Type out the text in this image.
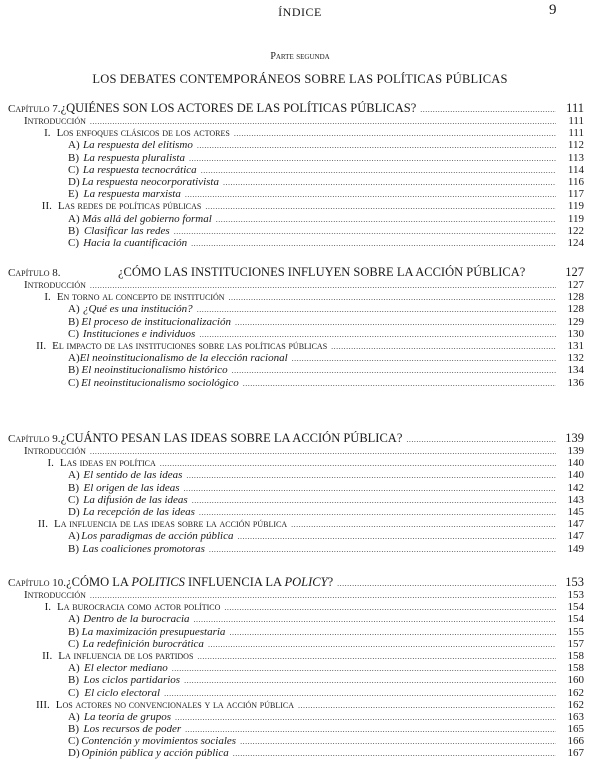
ÍNDICE	9
Parte segunda
LOS DEBATES CONTEMPORÁNEOS SOBRE LAS POLÍTICAS PÚBLICAS
Capítulo 7. ¿QUIÉNES SON LOS ACTORES DE LAS POLÍTICAS PÚBLICAS? .....	111
Introducción .....	111
I. Los enfoques clásicos de los actores .....	111
A) La respuesta del elitismo .....	112
B) La respuesta pluralista .....	113
C) La respuesta tecnocrática .....	114
D) La respuesta neocorporativista .....	116
E) La respuesta marxista .....	117
II. Las redes de políticas públicas .....	119
A) Más allá del gobierno formal .....	119
B) Clasificar las redes .....	122
C) Hacia la cuantificación .....	124
Capítulo 8.	¿CÓMO LAS INSTITUCIONES INFLUYEN SOBRE LA ACCIÓN PÚBLICA?	127
Introducción .....	127
I. En torno al concepto de institución .....	128
A) ¿Qué es una institución? .....	128
B) El proceso de institucionalización .....	129
C) Instituciones e individuos .....	130
II. El impacto de las instituciones sobre las políticas públicas .....	131
A) El neoinstitucionalismo de la elección racional .....	132
B) El neoinstitucionalismo histórico .....	134
C) El neoinstitucionalismo sociológico .....	136
Capítulo 9. ¿CUÁNTO PESAN LAS IDEAS SOBRE LA ACCIÓN PÚBLICA? .....	139
Introducción .....	139
I. Las ideas en política .....	140
A) El sentido de las ideas .....	140
B) El origen de las ideas .....	142
C) La difusión de las ideas .....	143
D) La recepción de las ideas .....	145
II. La influencia de las ideas sobre la acción pública .....	147
A) Los paradigmas de acción pública .....	147
B) Las coaliciones promotoras .....	149
Capítulo 10. ¿CÓMO LA POLITICS INFLUENCIA LA POLICY? .....	153
Introducción .....	153
I. La burocracia como actor político .....	154
A) Dentro de la burocracia .....	154
B) La maximización presupuestaria .....	155
C) La redefinición burocrática .....	157
II. La influencia de los partidos .....	158
A) El elector mediano .....	158
B) Los ciclos partidarios .....	160
C) El ciclo electoral .....	162
III. Los actores no convencionales y la acción pública .....	162
A) La teoría de grupos .....	163
B) Los recursos de poder .....	165
C) Contención y movimientos sociales .....	166
D) Opinión pública y acción pública .....	167
